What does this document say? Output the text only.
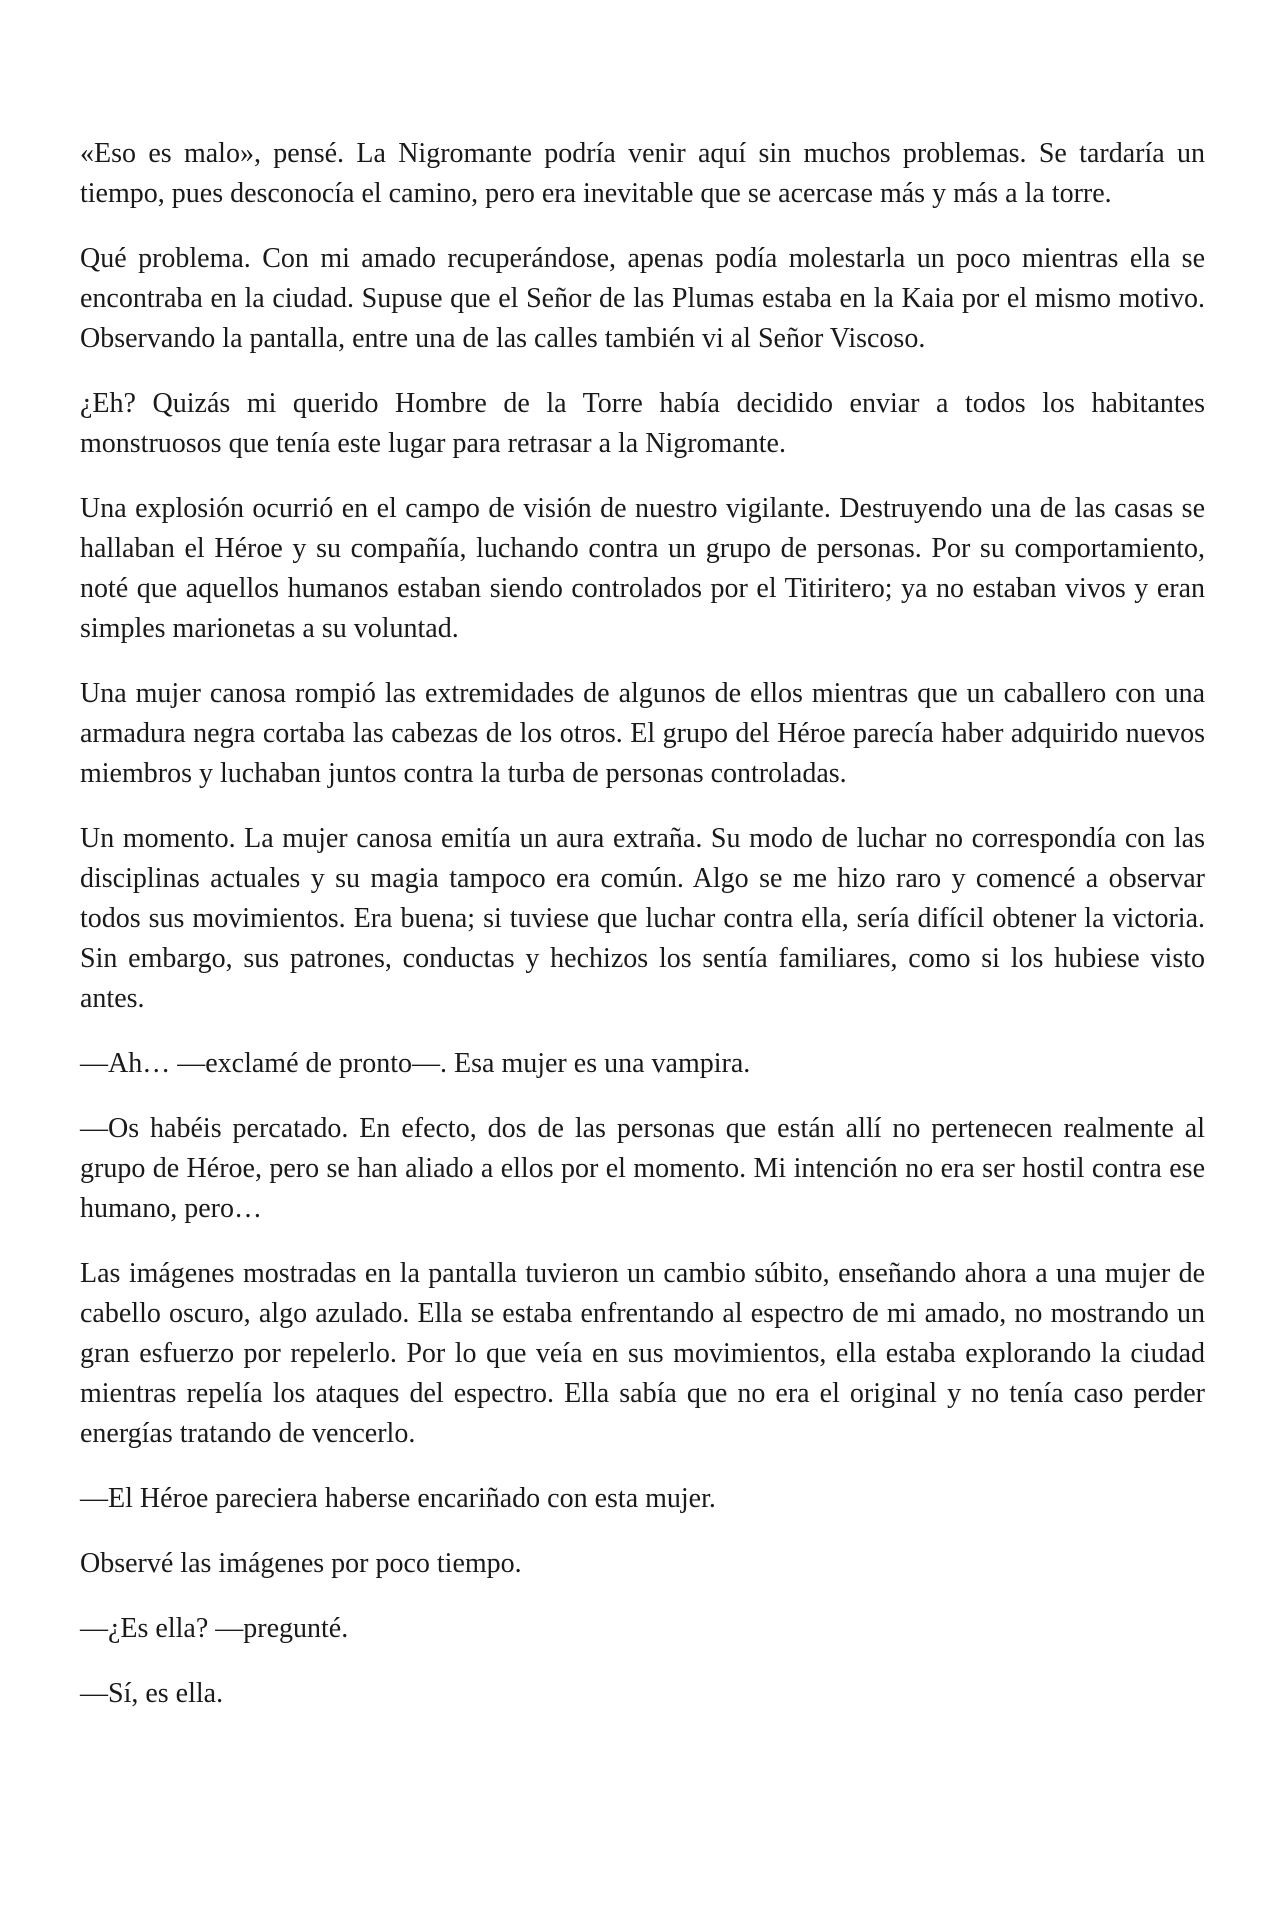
«Eso es malo», pensé. La Nigromante podría venir aquí sin muchos problemas. Se tardaría un tiempo, pues desconocía el camino, pero era inevitable que se acercase más y más a la torre.

Qué problema. Con mi amado recuperándose, apenas podía molestarla un poco mientras ella se encontraba en la ciudad. Supuse que el Señor de las Plumas estaba en la Kaia por el mismo motivo. Observando la pantalla, entre una de las calles también vi al Señor Viscoso.

¿Eh? Quizás mi querido Hombre de la Torre había decidido enviar a todos los habitantes monstruosos que tenía este lugar para retrasar a la Nigromante.

Una explosión ocurrió en el campo de visión de nuestro vigilante. Destruyendo una de las casas se hallaban el Héroe y su compañía, luchando contra un grupo de personas. Por su comportamiento, noté que aquellos humanos estaban siendo controlados por el Titiritero; ya no estaban vivos y eran simples marionetas a su voluntad.

Una mujer canosa rompió las extremidades de algunos de ellos mientras que un caballero con una armadura negra cortaba las cabezas de los otros. El grupo del Héroe parecía haber adquirido nuevos miembros y luchaban juntos contra la turba de personas controladas.

Un momento. La mujer canosa emitía un aura extraña. Su modo de luchar no correspondía con las disciplinas actuales y su magia tampoco era común. Algo se me hizo raro y comencé a observar todos sus movimientos. Era buena; si tuviese que luchar contra ella, sería difícil obtener la victoria. Sin embargo, sus patrones, conductas y hechizos los sentía familiares, como si los hubiese visto antes.

—Ah… —exclamé de pronto—. Esa mujer es una vampira.

—Os habéis percatado. En efecto, dos de las personas que están allí no pertenecen realmente al grupo de Héroe, pero se han aliado a ellos por el momento. Mi intención no era ser hostil contra ese humano, pero…

Las imágenes mostradas en la pantalla tuvieron un cambio súbito, enseñando ahora a una mujer de cabello oscuro, algo azulado. Ella se estaba enfrentando al espectro de mi amado, no mostrando un gran esfuerzo por repelerlo. Por lo que veía en sus movimientos, ella estaba explorando la ciudad mientras repelía los ataques del espectro. Ella sabía que no era el original y no tenía caso perder energías tratando de vencerlo.

—El Héroe pareciera haberse encariñado con esta mujer.

Observé las imágenes por poco tiempo.

—¿Es ella? —pregunté.

—Sí, es ella.
